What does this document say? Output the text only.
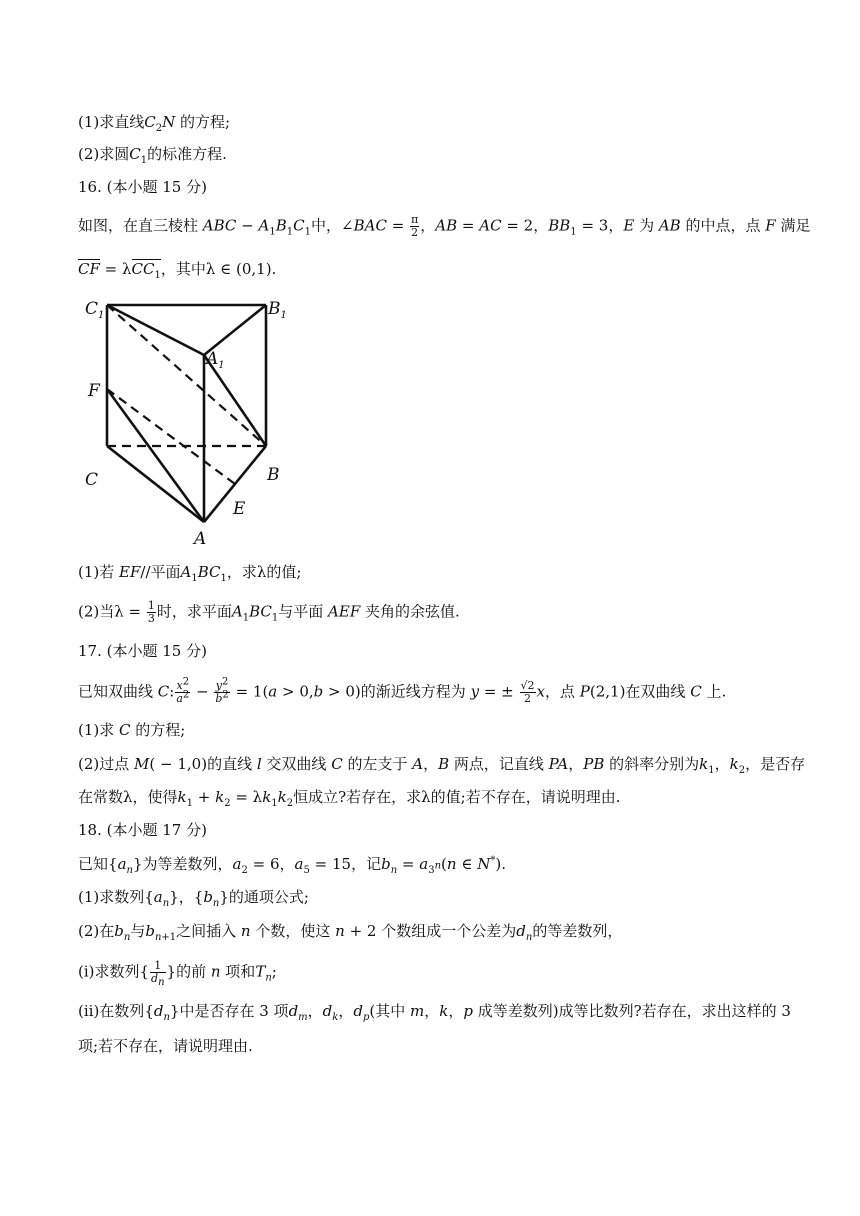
(1)求直线$C_2N$ 的方程;
(2)求圆$C_1$的标准方程.
16. (本小题 15 分)
如图，在直三棱柱 ABC − $A_1B_1C_1$中，∠BAC = $\frac{\pi}{2}$ ，AB = AC = 2，$BB_1 = 3$，E 为 AB 的中点，点 F 满足
CF = λCC$_1$，其中λ ∈ (0,1).
(1)若 EF//平面$A_1BC_1$，求λ的值;
(2)当$\lambda = \frac{1}{3}$ 时，求平面$A_1BC_1$与平面 AEF 夹角的余弦值.
17. (本小题 15 分)
已知双曲线 C: $\frac{x^2}{a^2} - \frac{y^2}{b^2} = 1(a > 0,b > 0)$的渐近线方程为 y = ± $\frac{√2}{2}$ x，点 P(2,1)在双曲线 C 上.
(1)求 C 的方程;
(2)过点 M( − 1,0)的直线 l 交双曲线 C 的左支于 A，B 两点，记直线 PA，PB 的斜率分别为$k_1$，$k_2$，是否存
在常数λ，使得$k_1 + k_2 = \lambda k_1k_2$恒成立?若存在，求λ的值;若不存在，请说明理由.
18. (本小题 17 分)
已知$\{a_n\}$为等差数列，$a_2 = 6$，$a_5 = 15$，记$b_n = a_{3^n}(n$ ∈ N*).
(1)求数列$\{a_n\}$，$\{b_n\}$的通项公式;
(2)在$b_n$与$b_{n+1}$之间插入 n 个数，使这 n + 2 个数组成一个公差为$d_n$的等差数列，
(ⅰ)求数列{ $\frac{1}{d_n}$ }的前 n 项和$T_n$;
(ⅱ)在数列$\{d_n\}$中是否存在 3 项$d_m$，$d_k$，$d_p$(其中 m，k，p 成等差数列)成等比数列?若存在，求出这样的 3
项;若不存在，请说明理由.
$C_1$	$B_1$
$A_1$
F
C	B
E
A
